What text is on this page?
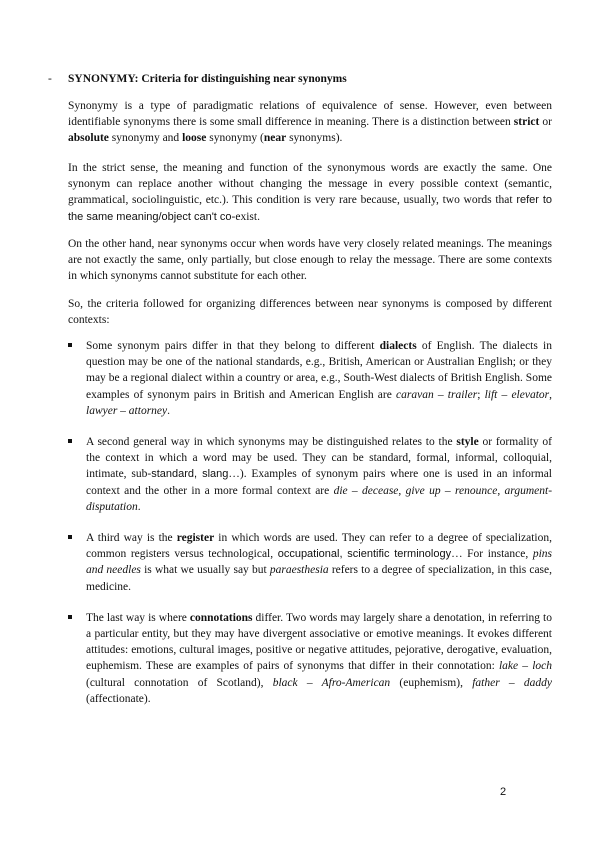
- SYNONYMY: Criteria for distinguishing near synonyms

Synonymy is a type of paradigmatic relations of equivalence of sense. However, even between identifiable synonyms there is some small difference in meaning. There is a distinction between strict or absolute synonymy and loose synonymy (near synonyms).

In the strict sense, the meaning and function of the synonymous words are exactly the same. One synonym can replace another without changing the message in every possible context (semantic, grammatical, sociolinguistic, etc.). This condition is very rare because, usually, two words that refer to the same meaning/object can't co-exist.

On the other hand, near synonyms occur when words have very closely related meanings. The meanings are not exactly the same, only partially, but close enough to relay the message. There are some contexts in which synonyms cannot substitute for each other.

So, the criteria followed for organizing differences between near synonyms is composed by different contexts:

Some synonym pairs differ in that they belong to different dialects of English. The dialects in question may be one of the national standards, e.g., British, American or Australian English; or they may be a regional dialect within a country or area, e.g., South-West dialects of British English. Some examples of synonym pairs in British and American English are caravan – trailer; lift – elevator, lawyer – attorney.
A second general way in which synonyms may be distinguished relates to the style or formality of the context in which a word may be used. They can be standard, formal, informal, colloquial, intimate, sub-standard, slang…). Examples of synonym pairs where one is used in an informal context and the other in a more formal context are die – decease, give up – renounce, argument-disputation.
A third way is the register in which words are used. They can refer to a degree of specialization, common registers versus technological, occupational, scientific terminology… For instance, pins and needles is what we usually say but paraesthesia refers to a degree of specialization, in this case, medicine.
The last way is where connotations differ. Two words may largely share a denotation, in referring to a particular entity, but they may have divergent associative or emotive meanings. It evokes different attitudes: emotions, cultural images, positive or negative attitudes, pejorative, derogative, evaluation, euphemism. These are examples of pairs of synonyms that differ in their connotation: lake – loch (cultural connotation of Scotland), black – Afro-American (euphemism), father – daddy (affectionate).
2
